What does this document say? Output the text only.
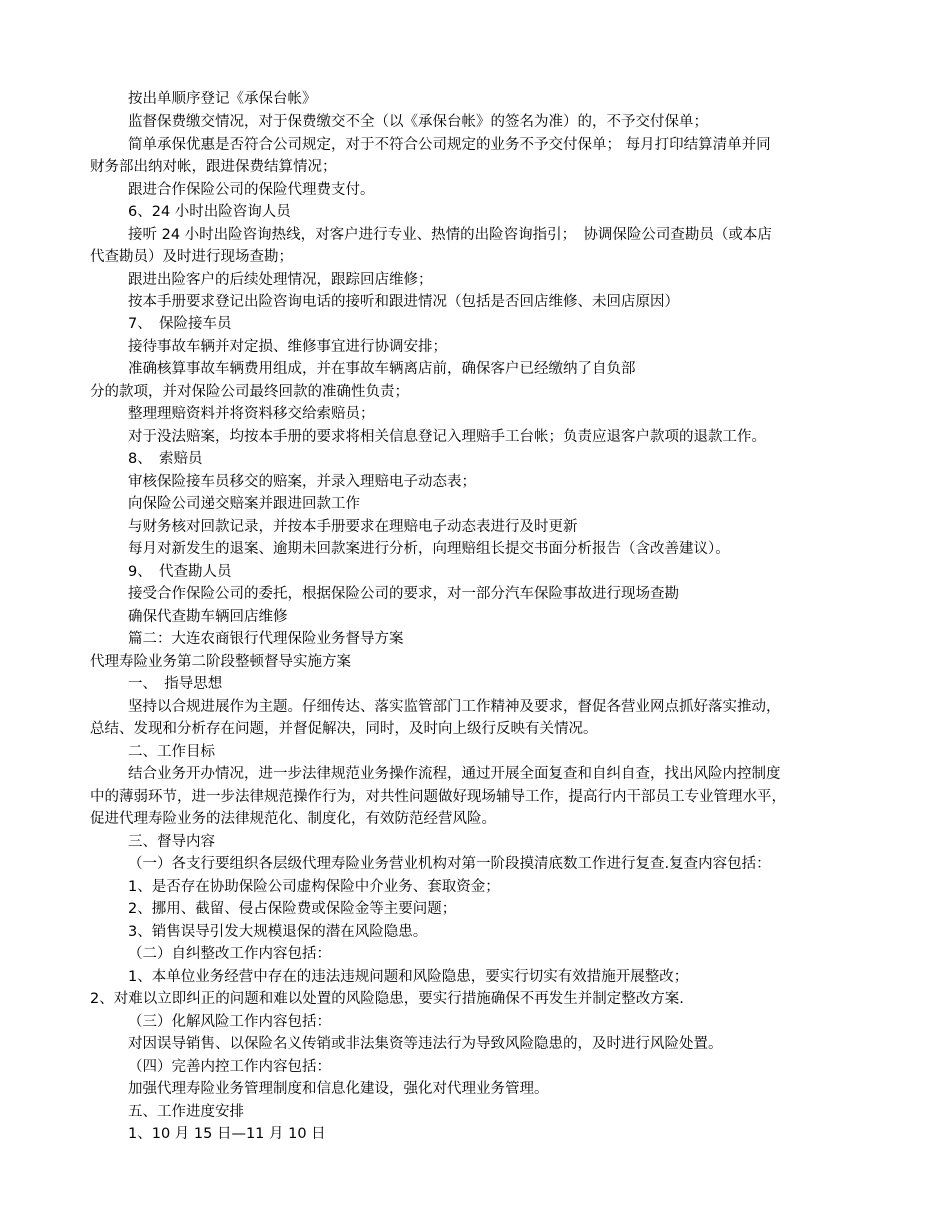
按出单顺序登记《承保台帐》
监督保费缴交情况，对于保费缴交不全（以《承保台帐》的签名为准）的，不予交付保单；
简单承保优惠是否符合公司规定，对于不符合公司规定的业务不予交付保单； 每月打印结算清单并同
财务部出纳对帐，跟进保费结算情况；
跟进合作保险公司的保险代理费支付。
6、24 小时出险咨询人员
接听 24 小时出险咨询热线，对客户进行专业、热情的出险咨询指引；　协调保险公司查勘员（或本店
代查勘员）及时进行现场查勘；
跟进出险客户的后续处理情况，跟踪回店维修；
按本手册要求登记出险咨询电话的接听和跟进情况（包括是否回店维修、未回店原因）
7、　保险接车员
接待事故车辆并对定损、维修事宜进行协调安排；
准确核算事故车辆费用组成，并在事故车辆离店前，确保客户已经缴纳了自负部
分的款项，并对保险公司最终回款的准确性负责；
整理理赔资料并将资料移交给索赔员；
对于没法赔案，均按本手册的要求将相关信息登记入理赔手工台帐；负责应退客户款项的退款工作。
8、　索赔员
审核保险接车员移交的赔案，并录入理赔电子动态表；
向保险公司递交赔案并跟进回款工作
与财务核对回款记录，并按本手册要求在理赔电子动态表进行及时更新
每月对新发生的退案、逾期未回款案进行分析，向理赔组长提交书面分析报告（含改善建议）。
9、　代查勘人员
接受合作保险公司的委托，根据保险公司的要求，对一部分汽车保险事故进行现场查勘
确保代查勘车辆回店维修
篇二：大连农商银行代理保险业务督导方案
代理寿险业务第二阶段整顿督导实施方案
一、　指导思想
坚持以合规进展作为主题。仔细传达、落实监管部门工作精神及要求，督促各营业网点抓好落实推动，
总结、发现和分析存在问题，并督促解决，同时，及时向上级行反映有关情况。
二、工作目标
结合业务开办情况，进一步法律规范业务操作流程，通过开展全面复查和自纠自查，找出风险内控制度
中的薄弱环节，进一步法律规范操作行为，对共性问题做好现场辅导工作，提高行内干部员工专业管理水平，
促进代理寿险业务的法律规范化、制度化，有效防范经营风险。
三、督导内容
（一）各支行要组织各层级代理寿险业务营业机构对第一阶段摸清底数工作进行复查.复查内容包括：
1、是否存在协助保险公司虚构保险中介业务、套取资金；
2、挪用、截留、侵占保险费或保险金等主要问题；
3、销售误导引发大规模退保的潜在风险隐患。
（二）自纠整改工作内容包括：
1、本单位业务经营中存在的违法违规问题和风险隐患，要实行切实有效措施开展整改；
2、对难以立即纠正的问题和难以处置的风险隐患，要实行措施确保不再发生并制定整改方案.
（三）化解风险工作内容包括：
对因误导销售、以保险名义传销或非法集资等违法行为导致风险隐患的，及时进行风险处置。
（四）完善内控工作内容包括：
加强代理寿险业务管理制度和信息化建设，强化对代理业务管理。
五、工作进度安排
1、10 月 15 日—11 月 10 日
